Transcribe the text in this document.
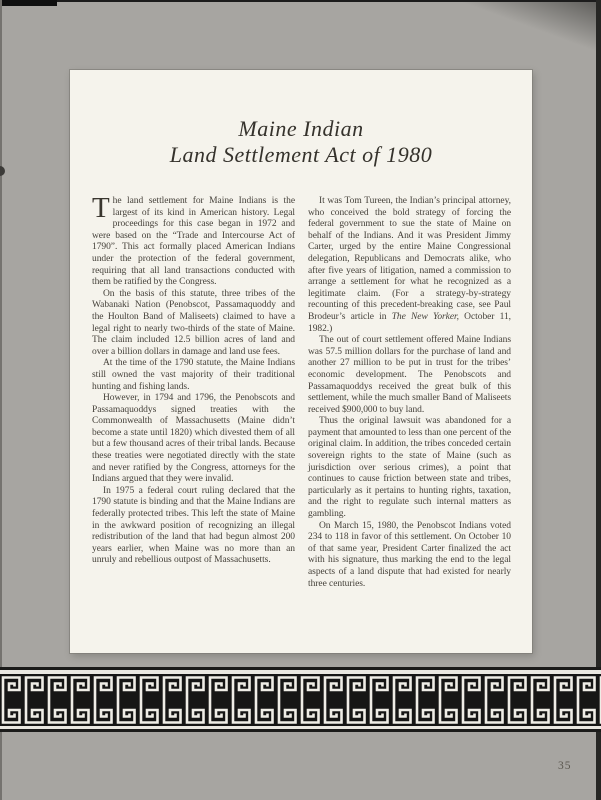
Maine Indian
Land Settlement Act of 1980

The land settlement for Maine Indians is the largest of its kind in American history. Legal proceedings for this case began in 1972 and were based on the “Trade and Intercourse Act of 1790”. This act formally placed American Indians under the protection of the federal government, requiring that all land transactions conducted with them be ratified by the Congress.

On the basis of this statute, three tribes of the Wabanaki Nation (Penobscot, Passamaquoddy and the Houlton Band of Maliseets) claimed to have a legal right to nearly two-thirds of the state of Maine. The claim included 12.5 billion acres of land and over a billion dollars in damage and land use fees.

At the time of the 1790 statute, the Maine Indians still owned the vast majority of their traditional hunting and fishing lands.

However, in 1794 and 1796, the Penobscots and Passamaquoddys signed treaties with the Commonwealth of Massachusetts (Maine didn’t become a state until 1820) which divested them of all but a few thousand acres of their tribal lands. Because these treaties were negotiated directly with the state and never ratified by the Congress, attorneys for the Indians argued that they were invalid.

In 1975 a federal court ruling declared that the 1790 statute is binding and that the Maine Indians are federally protected tribes. This left the state of Maine in the awkward position of recognizing an illegal redistribution of the land that had begun almost 200 years earlier, when Maine was no more than an unruly and rebellious outpost of Massachusetts.

It was Tom Tureen, the Indian’s principal attorney, who conceived the bold strategy of forcing the federal government to sue the state of Maine on behalf of the Indians. And it was President Jimmy Carter, urged by the entire Maine Congressional delegation, Republicans and Democrats alike, who after five years of litigation, named a commission to arrange a settlement for what he recognized as a legitimate claim. (For a strategy-by-strategy recounting of this precedent-breaking case, see Paul Brodeur’s article in The New Yorker, October 11, 1982.)

The out of court settlement offered Maine Indians was 57.5 million dollars for the purchase of land and another 27 million to be put in trust for the tribes’ economic development. The Penobscots and Passamaquoddys received the great bulk of this settlement, while the much smaller Band of Maliseets received $900,000 to buy land.

Thus the original lawsuit was abandoned for a payment that amounted to less than one percent of the original claim. In addition, the tribes conceded certain sovereign rights to the state of Maine (such as jurisdiction over serious crimes), a point that continues to cause friction between state and tribes, particularly as it pertains to hunting rights, taxation, and the right to regulate such internal matters as gambling.

On March 15, 1980, the Penobscot Indians voted 234 to 118 in favor of this settlement. On October 10 of that same year, President Carter finalized the act with his signature, thus marking the end to the legal aspects of a land dispute that had existed for nearly three centuries.

35
